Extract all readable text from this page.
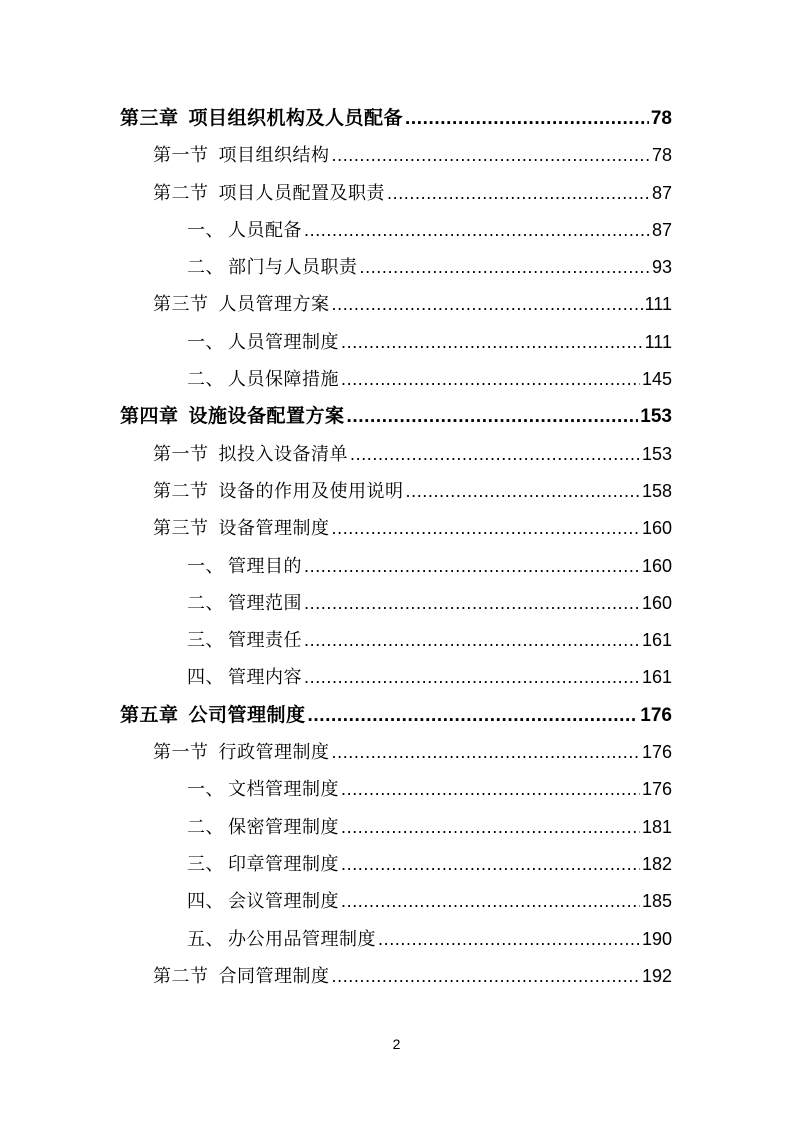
第三章 项目组织机构及人员配备 .....	78
第一节 项目组织结构 .....	78
第二节 项目人员配置及职责 .....	87
一、 人员配备 .....	87
二、 部门与人员职责 .....	93
第三节 人员管理方案 .....	111
一、 人员管理制度 .....	111
二、 人员保障措施 .....	145
第四章 设施设备配置方案 .....	153
第一节 拟投入设备清单 .....	153
第二节 设备的作用及使用说明 .....	158
第三节 设备管理制度 .....	160
一、 管理目的 .....	160
二、 管理范围 .....	160
三、 管理责任 .....	161
四、 管理内容 .....	161
第五章 公司管理制度 .....	176
第一节 行政管理制度 .....	176
一、 文档管理制度 .....	176
二、 保密管理制度 .....	181
三、 印章管理制度 .....	182
四、 会议管理制度 .....	185
五、 办公用品管理制度 .....	190
第二节 合同管理制度 .....	192
2
